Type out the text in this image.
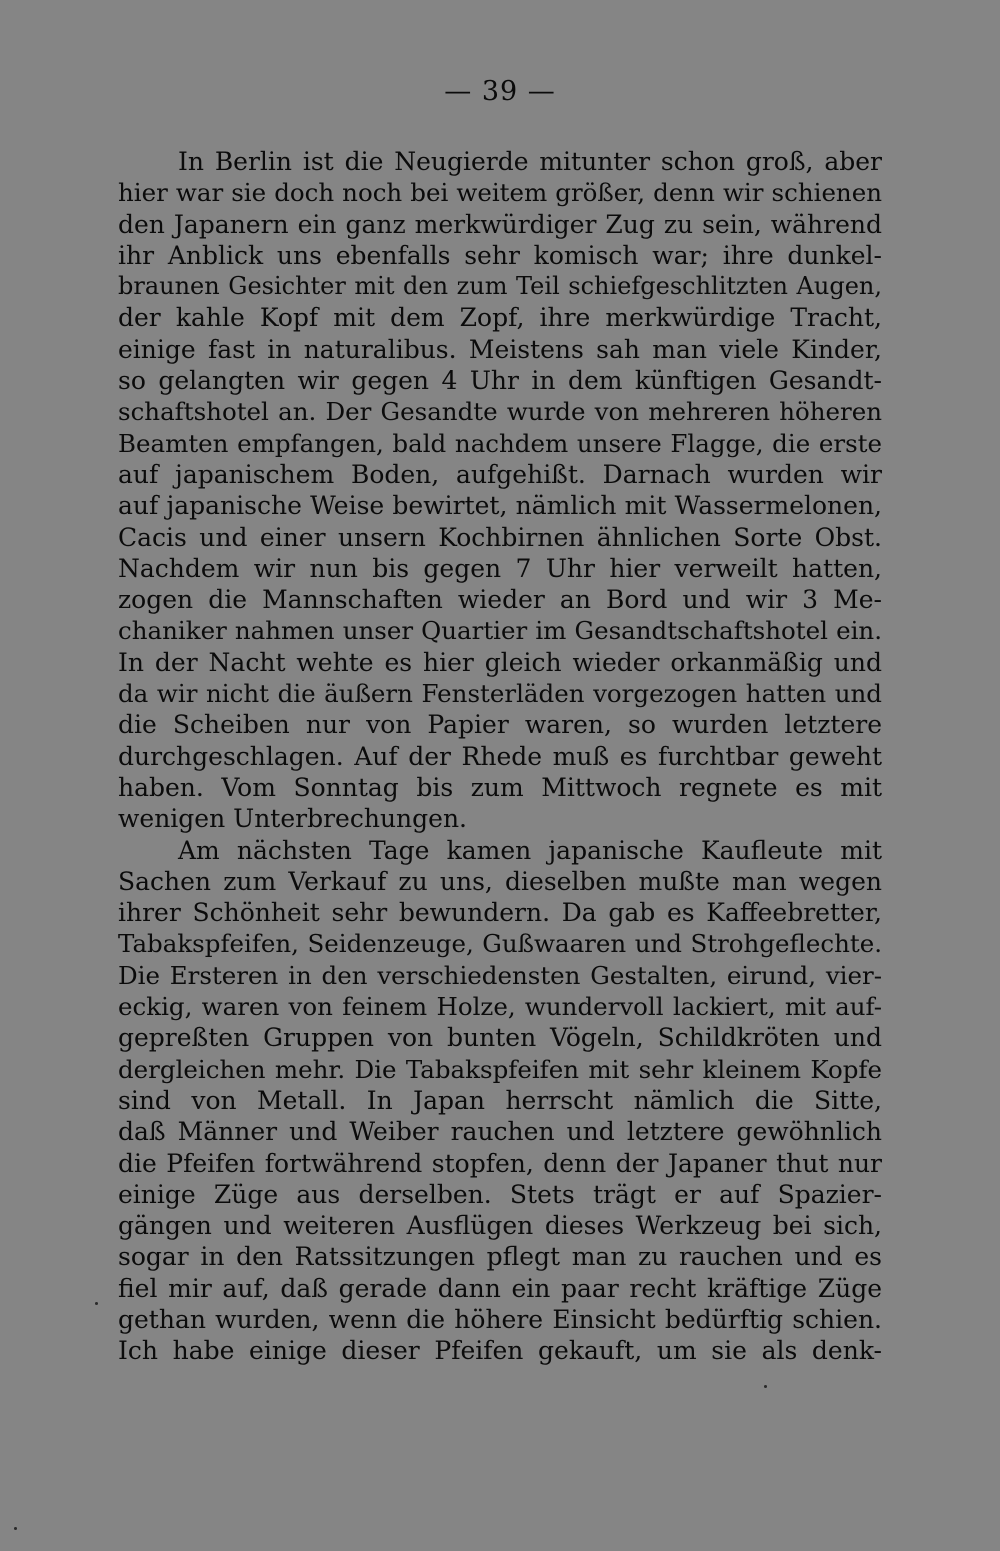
— 39 —
In Berlin ist die Neugierde mitunter schon groß, aber
hier war sie doch noch bei weitem größer, denn wir schienen
den Japanern ein ganz merkwürdiger Zug zu sein, während
ihr Anblick uns ebenfalls sehr komisch war; ihre dunkel-
braunen Gesichter mit den zum Teil schiefgeschlitzten Augen,
der kahle Kopf mit dem Zopf, ihre merkwürdige Tracht,
einige fast in naturalibus. Meistens sah man viele Kinder,
so gelangten wir gegen 4 Uhr in dem künftigen Gesandt-
schaftshotel an. Der Gesandte wurde von mehreren höheren
Beamten empfangen, bald nachdem unsere Flagge, die erste
auf japanischem Boden, aufgehißt. Darnach wurden wir
auf japanische Weise bewirtet, nämlich mit Wassermelonen,
Cacis und einer unsern Kochbirnen ähnlichen Sorte Obst.
Nachdem wir nun bis gegen 7 Uhr hier verweilt hatten,
zogen die Mannschaften wieder an Bord und wir 3 Me-
chaniker nahmen unser Quartier im Gesandtschaftshotel ein.
In der Nacht wehte es hier gleich wieder orkanmäßig und
da wir nicht die äußern Fensterläden vorgezogen hatten und
die Scheiben nur von Papier waren, so wurden letztere
durchgeschlagen. Auf der Rhede muß es furchtbar geweht
haben. Vom Sonntag bis zum Mittwoch regnete es mit
wenigen Unterbrechungen.
Am nächsten Tage kamen japanische Kaufleute mit
Sachen zum Verkauf zu uns, dieselben mußte man wegen
ihrer Schönheit sehr bewundern. Da gab es Kaffeebretter,
Tabakspfeifen, Seidenzeuge, Gußwaaren und Strohgeflechte.
Die Ersteren in den verschiedensten Gestalten, eirund, vier-
eckig, waren von feinem Holze, wundervoll lackiert, mit auf-
gepreßten Gruppen von bunten Vögeln, Schildkröten und
dergleichen mehr. Die Tabakspfeifen mit sehr kleinem Kopfe
sind von Metall. In Japan herrscht nämlich die Sitte,
daß Männer und Weiber rauchen und letztere gewöhnlich
die Pfeifen fortwährend stopfen, denn der Japaner thut nur
einige Züge aus derselben. Stets trägt er auf Spazier-
gängen und weiteren Ausflügen dieses Werkzeug bei sich,
sogar in den Ratssitzungen pflegt man zu rauchen und es
fiel mir auf, daß gerade dann ein paar recht kräftige Züge
gethan wurden, wenn die höhere Einsicht bedürftig schien.
Ich habe einige dieser Pfeifen gekauft, um sie als denk-
